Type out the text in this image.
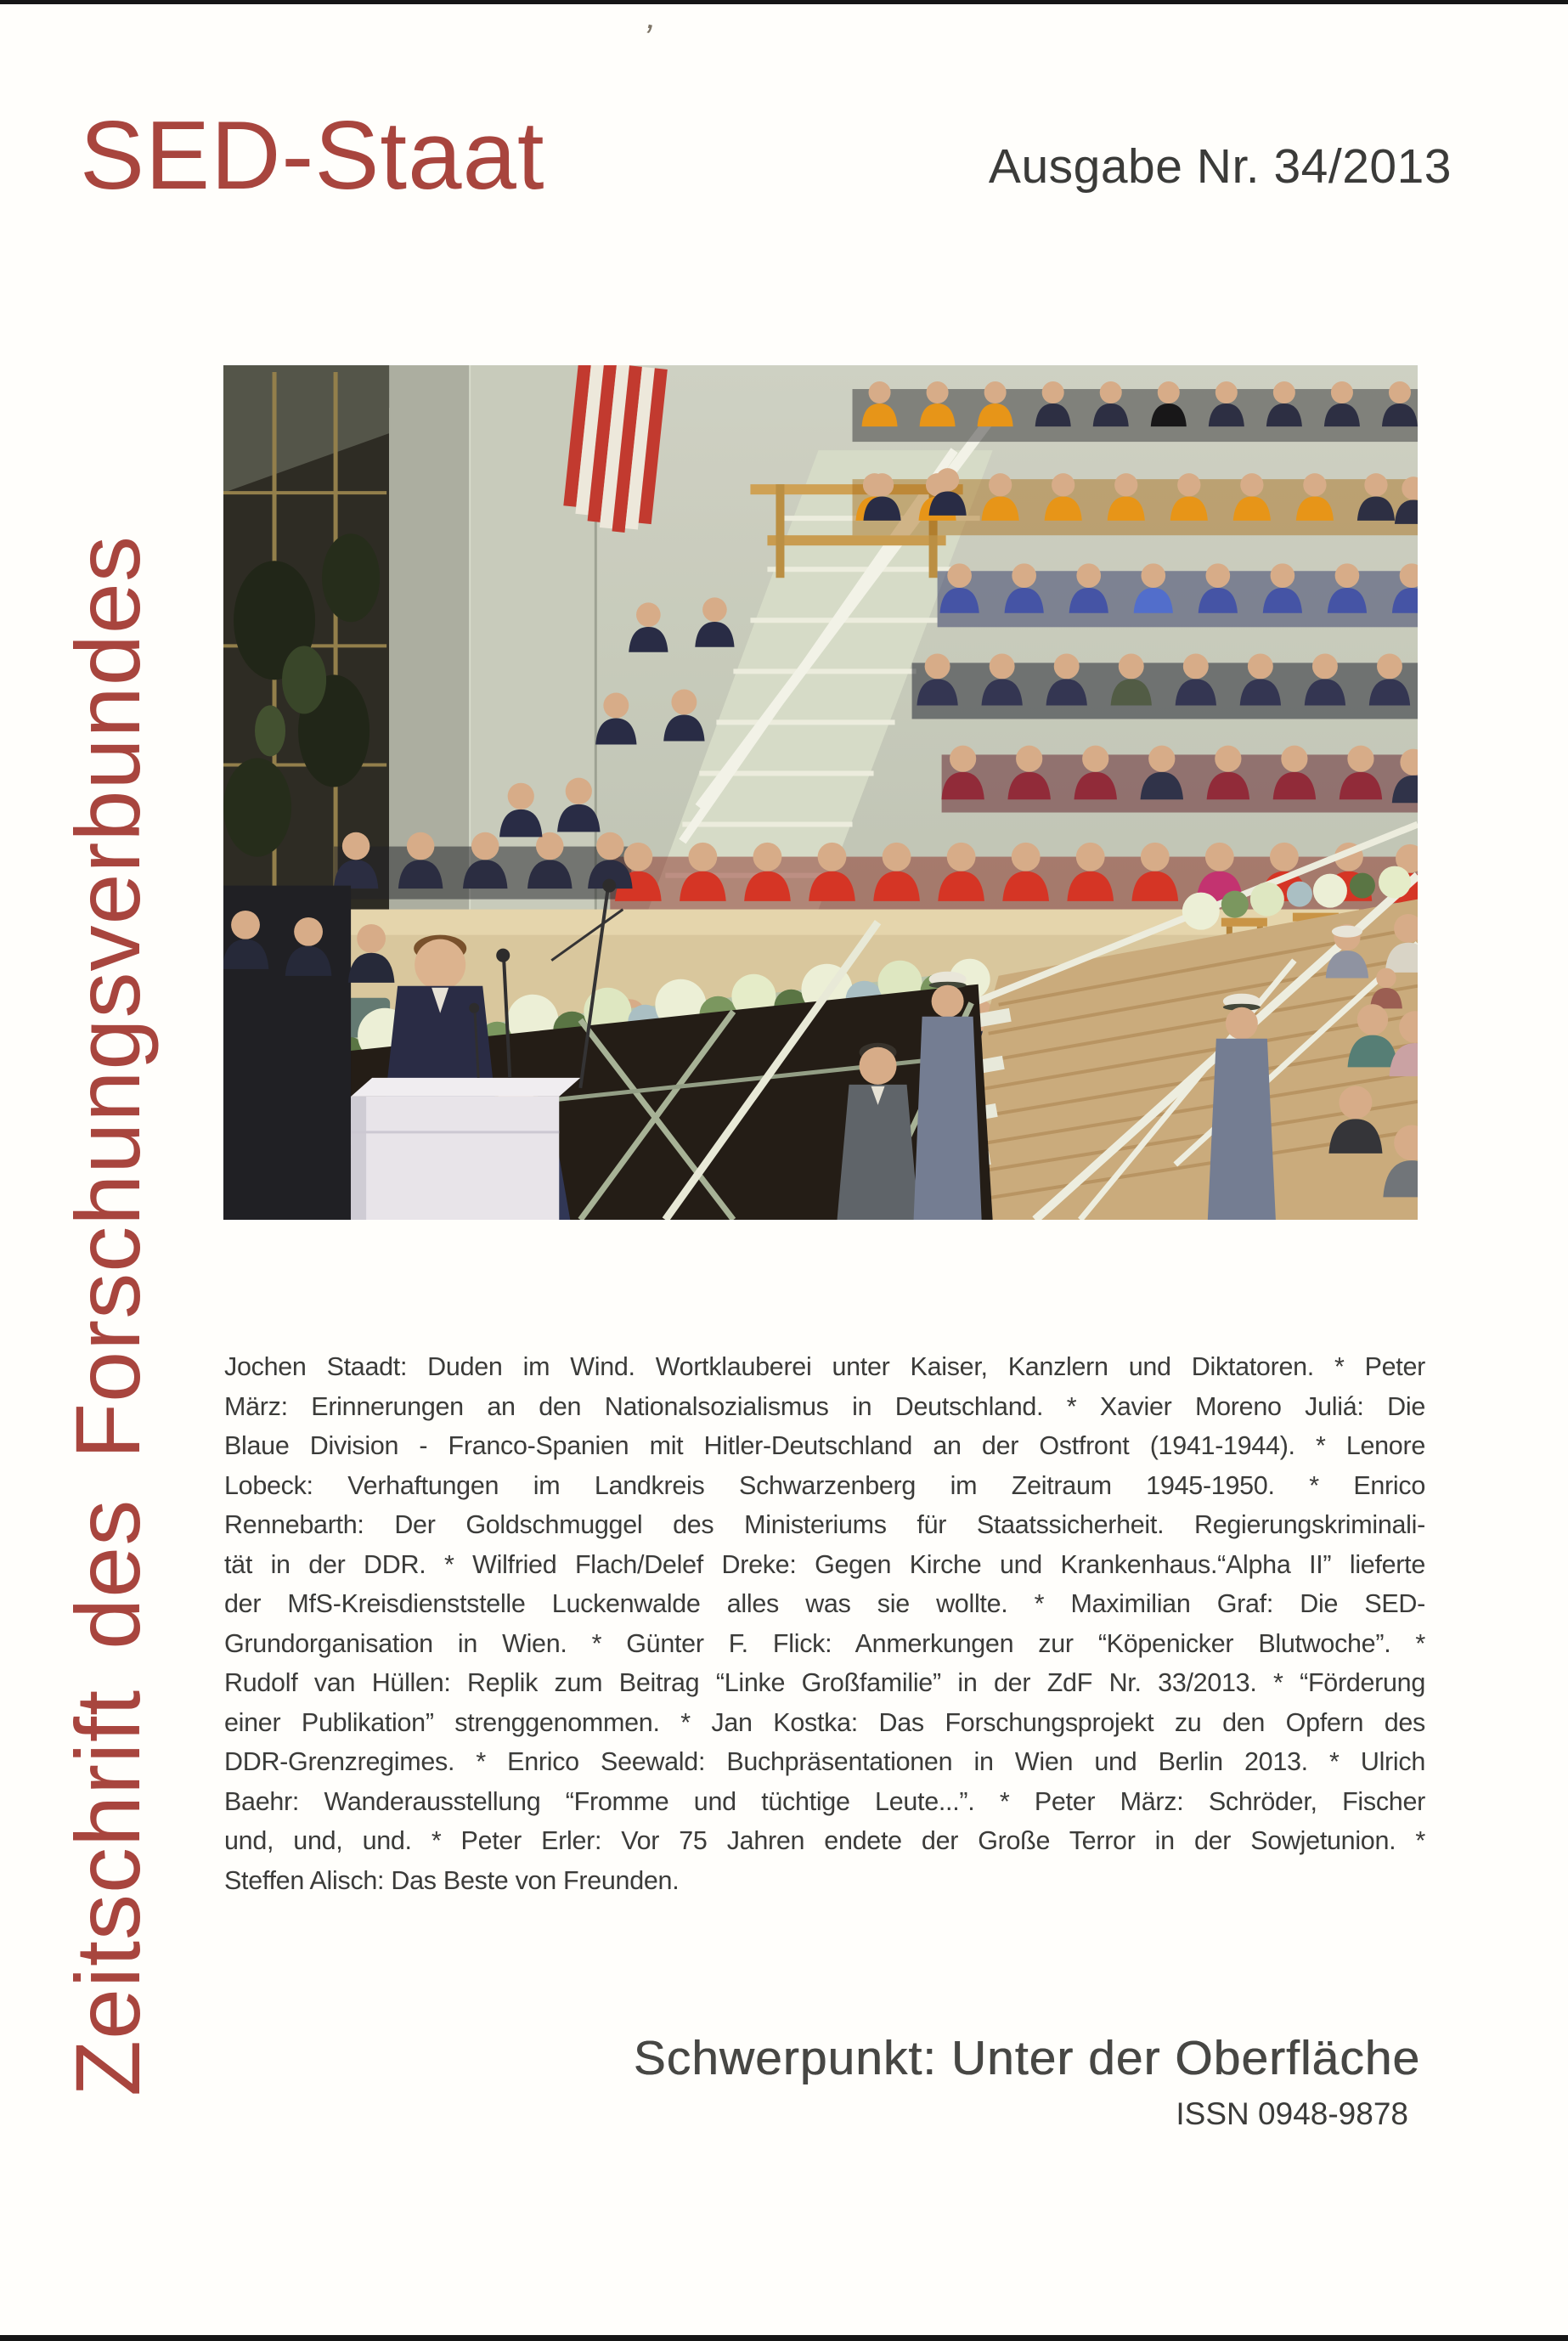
’
SED-Staat	Ausgabe Nr. 34/2013
Zeitschrift des Forschungsverbundes	Jochen Staadt: Duden im Wind. Wortklauberei unter Kaiser, Kanzlern und Diktatoren. * Peter
März: Erinnerungen an den Nationalsozialismus in Deutschland. * Xavier Moreno Juliá: Die
Blaue Division - Franco-Spanien mit Hitler-Deutschland an der Ostfront (1941-1944). * Lenore
Lobeck: Verhaftungen im Landkreis Schwarzenberg im Zeitraum 1945-1950. * Enrico
Rennebarth: Der Goldschmuggel des Ministeriums für Staatssicherheit. Regierungskriminali-
tät in der DDR. * Wilfried Flach/Delef Dreke: Gegen Kirche und Krankenhaus.“Alpha II” lieferte
der MfS-Kreisdienststelle Luckenwalde alles was sie wollte. * Maximilian Graf: Die SED-
Grundorganisation in Wien. * Günter F. Flick: Anmerkungen zur “Köpenicker Blutwoche”. *
Rudolf van Hüllen: Replik zum Beitrag “Linke Großfamilie” in der ZdF Nr. 33/2013. * “Förderung
einer Publikation” strenggenommen. * Jan Kostka: Das Forschungsprojekt zu den Opfern des
DDR-Grenzregimes. * Enrico Seewald: Buchpräsentationen in Wien und Berlin 2013. * Ulrich
Baehr: Wanderausstellung “Fromme und tüchtige Leute...”. * Peter März: Schröder, Fischer
und, und, und. * Peter Erler: Vor 75 Jahren endete der Große Terror in der Sowjetunion. *
Steffen Alisch: Das Beste von Freunden.
Schwerpunkt: Unter der Oberfläche
ISSN 0948-9878
